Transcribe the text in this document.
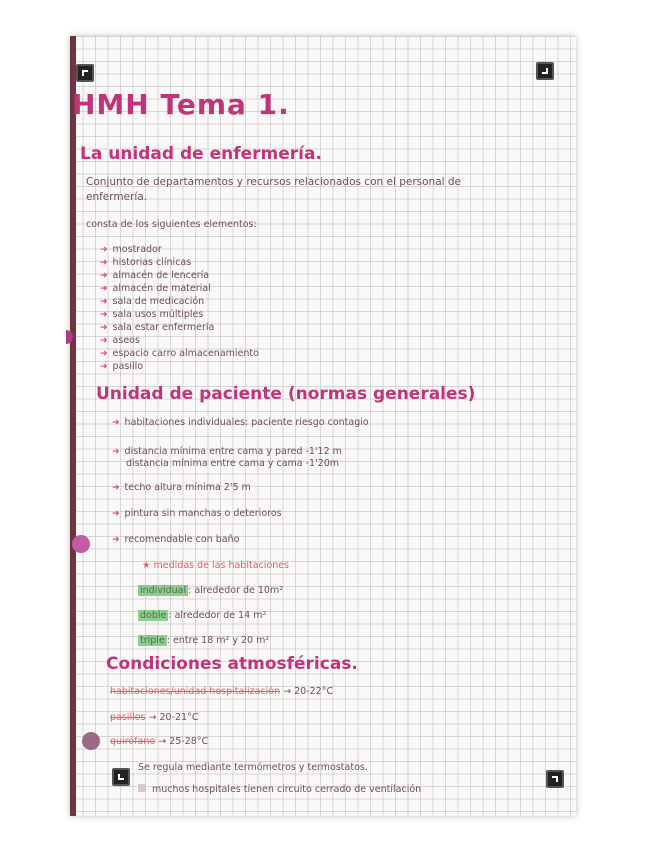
HMH Tema 1.
La unidad de enfermería.
Conjunto de departamentos y recursos relacionados con el personal de
enfermería.
consta de los siguientes elementos:
➜ mostrador
➜ historias clínicas
➜ almacén de lencería
➜ almacén de material
➜ sala de medicación
➜ sala usos múltiples
➜ sala estar enfermería
➜ aseos
➜ espacio carro almacenamiento
➜ pasillo
Unidad de paciente (normas generales)
➜ habitaciones individuales: paciente riesgo contagio
➜ distancia mínima entre cama y pared -1'12 m
distancia mínima entre cama y cama -1'20m
➜ techo altura mínima 2'5 m
➜ pintura sin manchas o deterioros
➜ recomendable con baño
★ medidas de las habitaciones
individual : alrededor de 10m²
doble : alrededor de 14 m²
triple : entre 18 m² y 20 m²
Condiciones atmosféricas.
habitaciones/unidad hospitalización → 20-22°C
pasillos → 20-21°C
quirófano → 25-28°C
Se regula mediante termómetros y termostatos.
muchos hospitales tienen circuito cerrado de ventilación
